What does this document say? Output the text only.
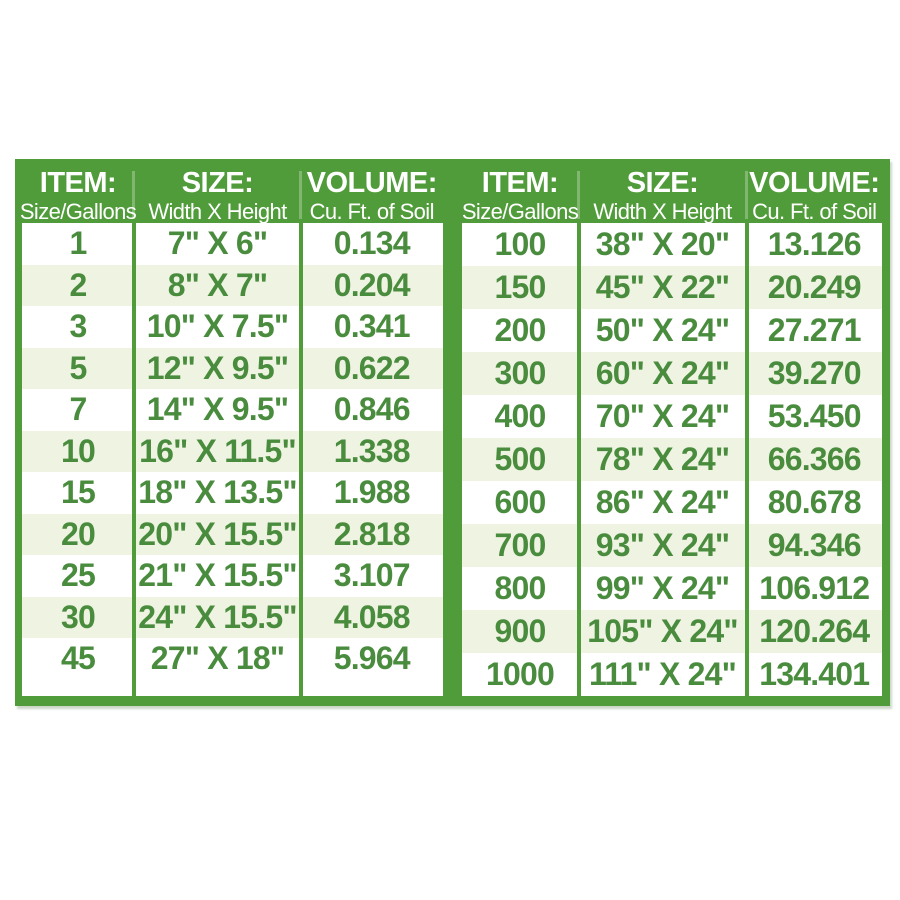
ITEM:
Size/Gallons
SIZE:
Width X Height
VOLUME:
Cu. Ft. of Soil
1	7" X 6"	0.134
2	8" X 7"	0.204
3	10" X 7.5"	0.341
5	12" X 9.5"	0.622
7	14" X 9.5"	0.846
10	16" X 11.5"	1.338
15	18" X 13.5"	1.988
20	20" X 15.5"	2.818
25	21" X 15.5"	3.107
30	24" X 15.5"	4.058
45	27" X 18"	5.964
ITEM:
Size/Gallons
SIZE:
Width X Height
VOLUME:
Cu. Ft. of Soil
100	38" X 20"	13.126
150	45" X 22"	20.249
200	50" X 24"	27.271
300	60" X 24"	39.270
400	70" X 24"	53.450
500	78" X 24"	66.366
600	86" X 24"	80.678
700	93" X 24"	94.346
800	99" X 24" 106.912
900	105" X 24" 120.264
1000	111" X 24" 134.401
